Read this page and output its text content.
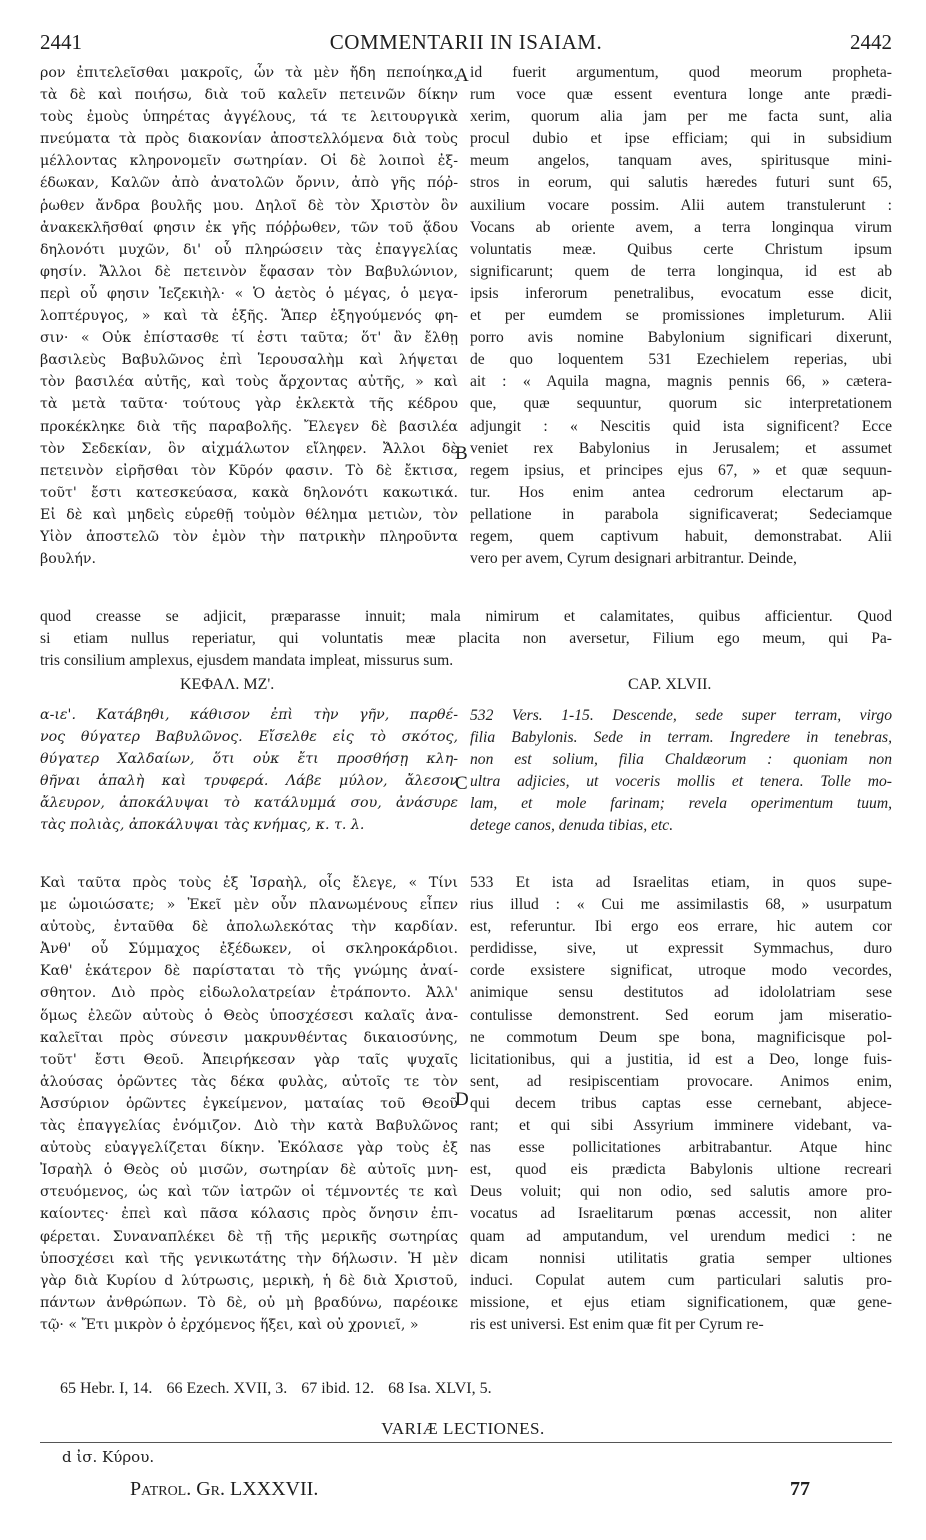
2441	COMMENTARII IN ISAIAM.	2442
A
B
C
D
ρον ἐπιτελεῖσθαι μακροῖς, ὧν τὰ μὲν ἤδη πεποίηκα,
τὰ δὲ καὶ ποιήσω, διὰ τοῦ καλεῖν πετεινῶν δίκην
τοὺς ἐμοὺς ὑπηρέτας ἀγγέλους, τά τε λειτουργικὰ
πνεύματα τὰ πρὸς διακονίαν ἀποστελλόμενα διὰ τοὺς
μέλλοντας κληρονομεῖν σωτηρίαν. Οἱ δὲ λοιποὶ ἐξ-
έδωκαν, Καλῶν ἀπὸ ἀνατολῶν ὄρνιν, ἀπὸ γῆς πόῤ-
ῥωθεν ἄνδρα βουλῆς μου. Δηλοῖ δὲ τὸν Χριστὸν ὃν
ἀνακεκλῆσθαί φησιν ἐκ γῆς πόῤῥωθεν, τῶν τοῦ ᾅδου
δηλονότι μυχῶν, δι' οὗ πληρώσειν τὰς ἐπαγγελίας
φησίν. Ἄλλοι δὲ πετεινὸν ἔφασαν τὸν Βαβυλώνιον,
περὶ οὗ φησιν Ἰεζεκιὴλ· « Ὁ ἀετὸς ὁ μέγας, ὁ μεγα-
λοπτέρυγος, » καὶ τὰ ἑξῆς. Ἅπερ ἐξηγούμενός φη-
σιν· « Οὐκ ἐπίστασθε τί ἐστι ταῦτα; ὅτ' ἂν ἔλθῃ
βασιλεὺς Βαβυλῶνος ἐπὶ Ἱερουσαλὴμ καὶ λήψεται
τὸν βασιλέα αὐτῆς, καὶ τοὺς ἄρχοντας αὐτῆς, » καὶ
τὰ μετὰ ταῦτα· τούτους γὰρ ἐκλεκτὰ τῆς κέδρου
προκέκληκε διὰ τῆς παραβολῆς. Ἔλεγεν δὲ βασιλέα
τὸν Σεδεκίαν, ὃν αἰχμάλωτον εἴληφεν. Ἄλλοι δὲ
πετεινὸν εἰρῆσθαι τὸν Κῦρόν φασιν. Τὸ δὲ ἔκτισα,
τοῦτ' ἔστι κατεσκεύασα, κακὰ δηλονότι κακωτικά.
Εἰ δὲ καὶ μηδεὶς εὑρεθῇ τοὐμὸν θέλημα μετιὼν, τὸν
Υἱὸν ἀποστελῶ τὸν ἐμὸν τὴν πατρικὴν πληροῦντα
βουλήν.
id fuerit argumentum, quod meorum propheta-
rum voce quæ essent eventura longe ante prædi-
xerim, quorum alia jam per me facta sunt, alia
procul dubio et ipse efficiam; qui in subsidium
meum angelos, tanquam aves, spiritusque mini-
stros in eorum, qui salutis hæredes futuri sunt 65,
auxilium vocare possim. Alii autem transtulerunt :
Vocans ab oriente avem, a terra longinqua virum
voluntatis meæ. Quibus certe Christum ipsum
significarunt; quem de terra longinqua, id est ab
ipsis inferorum penetralibus, evocatum esse dicit,
et per eumdem se promissiones impleturum. Alii
porro avis nomine Babylonium significari dixerunt,
de quo loquentem 531 Ezechielem reperias, ubi
ait : « Aquila magna, magnis pennis 66, » cætera-
que, quæ sequuntur, quorum sic interpretationem
adjungit : « Nescitis quid ista significent? Ecce
veniet rex Babylonius in Jerusalem; et assumet
regem ipsius, et principes ejus 67, » et quæ sequun-
tur. Hos enim antea cedrorum electarum ap-
pellatione in parabola significaverat; Sedeciamque
regem, quem captivum habuit, demonstrabat. Alii
vero per avem, Cyrum designari arbitrantur. Deinde,
quod creasse se adjicit, præparasse innuit; mala nimirum et calamitates, quibus afficientur. Quod
si etiam nullus reperiatur, qui voluntatis meæ placita non aversetur, Filium ego meum, qui Pa-
tris consilium amplexus, ejusdem mandata impleat, missurus sum.
ΚΕΦΑΛ. ΜΖ'.	CAP. XLVII.
α-ιε'. Κατάβηθι, κάθισον ἐπὶ τὴν γῆν, παρθέ-
νος θύγατερ Βαβυλῶνος. Εἴσελθε εἰς τὸ σκότος,
θύγατερ Χαλδαίων, ὅτι οὐκ ἔτι προσθήσῃ κλη-
θῆναι ἁπαλὴ καὶ τρυφερά. Λάβε μύλον, ἄλεσον
ἄλευρον, ἀποκάλυψαι τὸ κατάλυμμά σου, ἀνάσυρε
τὰς πολιὰς, ἀποκάλυψαι τὰς κνήμας, κ. τ. λ.
532 Vers. 1-15. Descende, sede super terram, virgo
filia Babylonis. Sede in terram. Ingredere in tenebras,
non est solium, filia Chaldæorum : quoniam non
ultra adjicies, ut voceris mollis et tenera. Tolle mo-
lam, et mole farinam; revela operimentum tuum,
detege canos, denuda tibias, etc.
Καὶ ταῦτα πρὸς τοὺς ἐξ Ἰσραὴλ, οἷς ἔλεγε, « Τίνι
με ὡμοιώσατε; » Ἐκεῖ μὲν οὖν πλανωμένους εἶπεν
αὐτοὺς, ἐνταῦθα δὲ ἀπολωλεκότας τὴν καρδίαν.
Ἀνθ' οὗ Σύμμαχος ἐξέδωκεν, οἱ σκληροκάρδιοι.
Καθ' ἑκάτερον δὲ παρίσταται τὸ τῆς γνώμης ἀναί-
σθητον. Διὸ πρὸς εἰδωλολατρείαν ἐτράποντο. Ἀλλ'
ὅμως ἐλεῶν αὐτοὺς ὁ Θεὸς ὑποσχέσεσι καλαῖς ἀνα-
καλεῖται πρὸς σύνεσιν μακρυνθέντας δικαιοσύνης,
τοῦτ' ἔστι Θεοῦ. Ἀπειρήκεσαν γὰρ ταῖς ψυχαῖς
ἁλούσας ὁρῶντες τὰς δέκα φυλὰς, αὐτοῖς τε τὸν
Ἀσσύριον ὁρῶντες ἐγκείμενον, ματαίας τοῦ Θεοῦ
τὰς ἐπαγγελίας ἐνόμιζον. Διὸ τὴν κατὰ Βαβυλῶνος
αὐτοὺς εὐαγγελίζεται δίκην. Ἐκόλασε γὰρ τοὺς ἐξ
Ἰσραὴλ ὁ Θεὸς οὐ μισῶν, σωτηρίαν δὲ αὐτοῖς μνη-
στευόμενος, ὡς καὶ τῶν ἰατρῶν οἱ τέμνοντές τε καὶ
καίοντες· ἐπεὶ καὶ πᾶσα κόλασις πρὸς ὄνησιν ἐπι-
φέρεται. Συναναπλέκει δὲ τῇ τῆς μερικῆς σωτηρίας
ὑποσχέσει καὶ τῆς γενικωτάτης τὴν δήλωσιν. Ἡ μὲν
γὰρ διὰ Κυρίου d λύτρωσις, μερικὴ, ἡ δὲ διὰ Χριστοῦ,
πάντων ἀνθρώπων. Τὸ δὲ, οὐ μὴ βραδύνω, παρέοικε
τῷ· « Ἔτι μικρὸν ὁ ἐρχόμενος ἥξει, καὶ οὐ χρονιεῖ, »
533 Et ista ad Israelitas etiam, in quos supe-
rius illud : « Cui me assimilastis 68, » usurpatum
est, referuntur. Ibi ergo eos errare, hic autem cor
perdidisse, sive, ut expressit Symmachus, duro
corde exsistere significat, utroque modo vecordes,
animique sensu destitutos ad idololatriam sese
contulisse demonstrent. Sed eorum jam miseratio-
ne commotum Deum spe bona, magnificisque pol-
licitationibus, qui a justitia, id est a Deo, longe fuis-
sent, ad resipiscentiam provocare. Animos enim,
qui decem tribus captas esse cernebant, abjece-
rant; et qui sibi Assyrium imminere videbant, va-
nas esse pollicitationes arbitrabantur. Atque hinc
est, quod eis prædicta Babylonis ultione recreari
Deus voluit; qui non odio, sed salutis amore pro-
vocatus ad Israelitarum pœnas accessit, non aliter
quam ad amputandum, vel urendum medici : ne
dicam nonnisi utilitatis gratia semper ultiones
induci. Copulat autem cum particulari salutis pro-
missione, et ejus etiam significationem, quæ gene-
ris est universi. Est enim quæ fit per Cyrum re-
65 Hebr. I, 14. 66 Ezech. XVII, 3. 67 ibid. 12. 68 Isa. XLVI, 5.
VARIÆ LECTIONES.
d ἰσ. Κύρου.
Patrol. Gr. LXXXVII.	77
